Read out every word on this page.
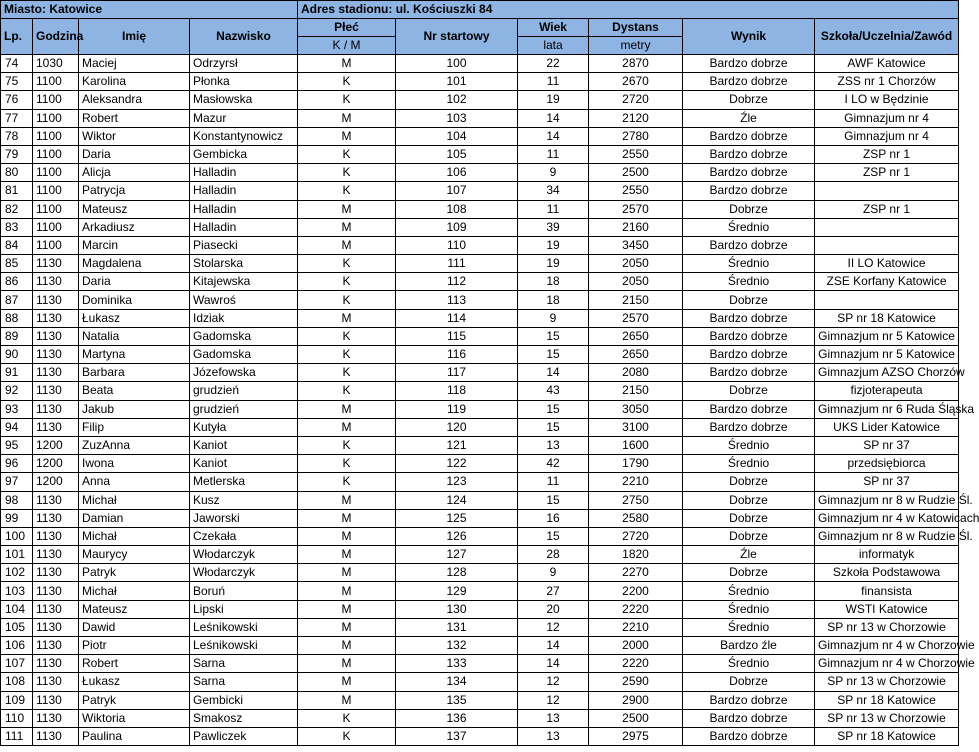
Miasto: Katowice				Adres stadionu: ul. Kościuszki 84					
Lp.	Godzina	Imię	Nazwisko	Płeć	Nr startowy	Wiek	Dystans	Wynik	Szkoła/Uczelnia/Zawód
				K / M		lata	metry		
74	1030	Maciej	Odrzyrsł	M	100	22	2870	Bardzo dobrze	AWF Katowice
75	1100	Karolina	Płonka	K	101	11	2670	Bardzo dobrze	ZSS nr 1 Chorzów
76	1100	Aleksandra	Masłowska	K	102	19	2720	Dobrze	I LO w Będzinie
77	1100	Robert	Mazur	M	103	14	2120	Źle	Gimnazjum nr 4
78	1100	Wiktor	Konstantynowicz	M	104	14	2780	Bardzo dobrze	Gimnazjum nr 4
79	1100	Daria	Gembicka	K	105	11	2550	Bardzo dobrze	ZSP nr 1
80	1100	Alicja	Halladin	K	106	9	2500	Bardzo dobrze	ZSP nr 1
81	1100	Patrycja	Halladin	K	107	34	2550	Bardzo dobrze	
82	1100	Mateusz	Halladin	M	108	11	2570	Dobrze	ZSP nr 1
83	1100	Arkadiusz	Halladin	M	109	39	2160	Średnio	
84	1100	Marcin	Piasecki	M	110	19	3450	Bardzo dobrze	
85	1130	Magdalena	Stolarska	K	111	19	2050	Średnio	II LO Katowice
86	1130	Daria	Kitajewska	K	112	18	2050	Średnio	ZSE Korfany Katowice
87	1130	Dominika	Wawroś	K	113	18	2150	Dobrze	
88	1130	Łukasz	Idziak	M	114	9	2570	Bardzo dobrze	SP nr 18 Katowice
89	1130	Natalia	Gadomska	K	115	15	2650	Bardzo dobrze	Gimnazjum nr 5 Katowice
90	1130	Martyna	Gadomska	K	116	15	2650	Bardzo dobrze	Gimnazjum nr 5 Katowice
91	1130	Barbara	Józefowska	K	117	14	2080	Bardzo dobrze	Gimnazjum AZSO Chorzów
92	1130	Beata	grudzień	K	118	43	2150	Dobrze	fizjoterapeuta
93	1130	Jakub	grudzień	M	119	15	3050	Bardzo dobrze	Gimnazjum nr 6 Ruda Śląska
94	1130	Filip	Kutyła	M	120	15	3100	Bardzo dobrze	UKS Lider Katowice
95	1200	ZuzAnna	Kaniot	K	121	13	1600	Średnio	SP nr 37
96	1200	Iwona	Kaniot	K	122	42	1790	Średnio	przedsiębiorca
97	1200	Anna	Metlerska	K	123	11	2210	Dobrze	SP nr 37
98	1130	Michał	Kusz	M	124	15	2750	Dobrze	Gimnazjum nr 8 w Rudzie Śl.
99	1130	Damian	Jaworski	M	125	16	2580	Dobrze	Gimnazjum nr 4 w Katowicach
100	1130	Michał	Czekała	M	126	15	2720	Dobrze	Gimnazjum nr 8 w Rudzie Śl.
101	1130	Maurycy	Włodarczyk	M	127	28	1820	Źle	informatyk
102	1130	Patryk	Włodarczyk	M	128	9	2270	Dobrze	Szkoła Podstawowa
103	1130	Michał	Boruń	M	129	27	2200	Średnio	finansista
104	1130	Mateusz	Lipski	M	130	20	2220	Średnio	WSTI Katowice
105	1130	Dawid	Leśnikowski	M	131	12	2210	Średnio	SP nr 13 w Chorzowie
106	1130	Piotr	Leśnikowski	M	132	14	2000	Bardzo źle	Gimnazjum nr 4 w Chorzowie
107	1130	Robert	Sarna	M	133	14	2220	Średnio	Gimnazjum nr 4 w Chorzowie
108	1130	Łukasz	Sarna	M	134	12	2590	Dobrze	SP nr 13 w Chorzowie
109	1130	Patryk	Gembicki	M	135	12	2900	Bardzo dobrze	SP nr 18 Katowice
110	1130	Wiktoria	Smakosz	K	136	13	2500	Bardzo dobrze	SP nr 13 w Chorzowie
111	1130	Paulina	Pawliczek	K	137	13	2975	Bardzo dobrze	SP nr 18 Katowice
